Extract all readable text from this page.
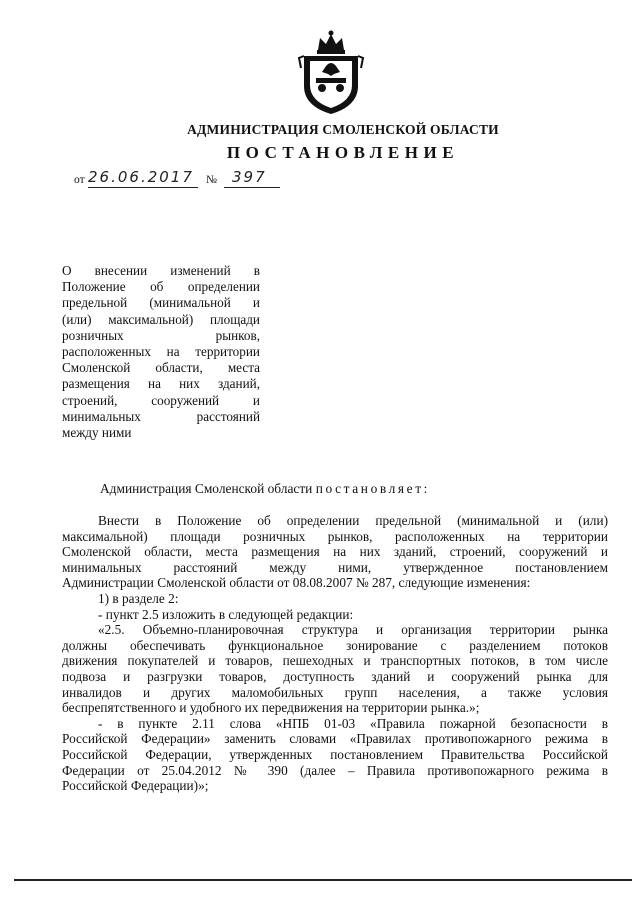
АДМИНИСТРАЦИЯ СМОЛЕНСКОЙ ОБЛАСТИ
ПОСТАНОВЛЕНИЕ
от 26.06.2017 № 397
О внесении изменений в
Положение об определении
предельной (минимальной и
(или) максимальной) площади
розничных рынков,
расположенных на территории
Смоленской области, места
размещения на них зданий,
строений, сооружений и
минимальных расстояний
между ними
Администрация Смоленской области постановляет:

Внести в Положение об определении предельной (минимальной и (или)

максимальной) площади розничных рынков, расположенных на территории

Смоленской области, места размещения на них зданий, строений, сооружений и

минимальных расстояний между ними, утвержденное постановлением

Администрации Смоленской области от 08.08.2007 № 287, следующие изменения:

1) в разделе 2:

- пункт 2.5 изложить в следующей редакции:

«2.5. Объемно-планировочная структура и организация территории рынка

должны обеспечивать функциональное зонирование с разделением потоков

движения покупателей и товаров, пешеходных и транспортных потоков, в том числе

подвоза и разгрузки товаров, доступность зданий и сооружений рынка для

инвалидов и других маломобильных групп населения, а также условия

беспрепятственного и удобного их передвижения на территории рынка.»;

- в пункте 2.11 слова «НПБ 01-03 «Правила пожарной безопасности в

Российской Федерации» заменить словами «Правилах противопожарного режима в

Российской Федерации, утвержденных постановлением Правительства Российской

Федерации от 25.04.2012 № 390 (далее – Правила противопожарного режима в

Российской Федерации)»;
